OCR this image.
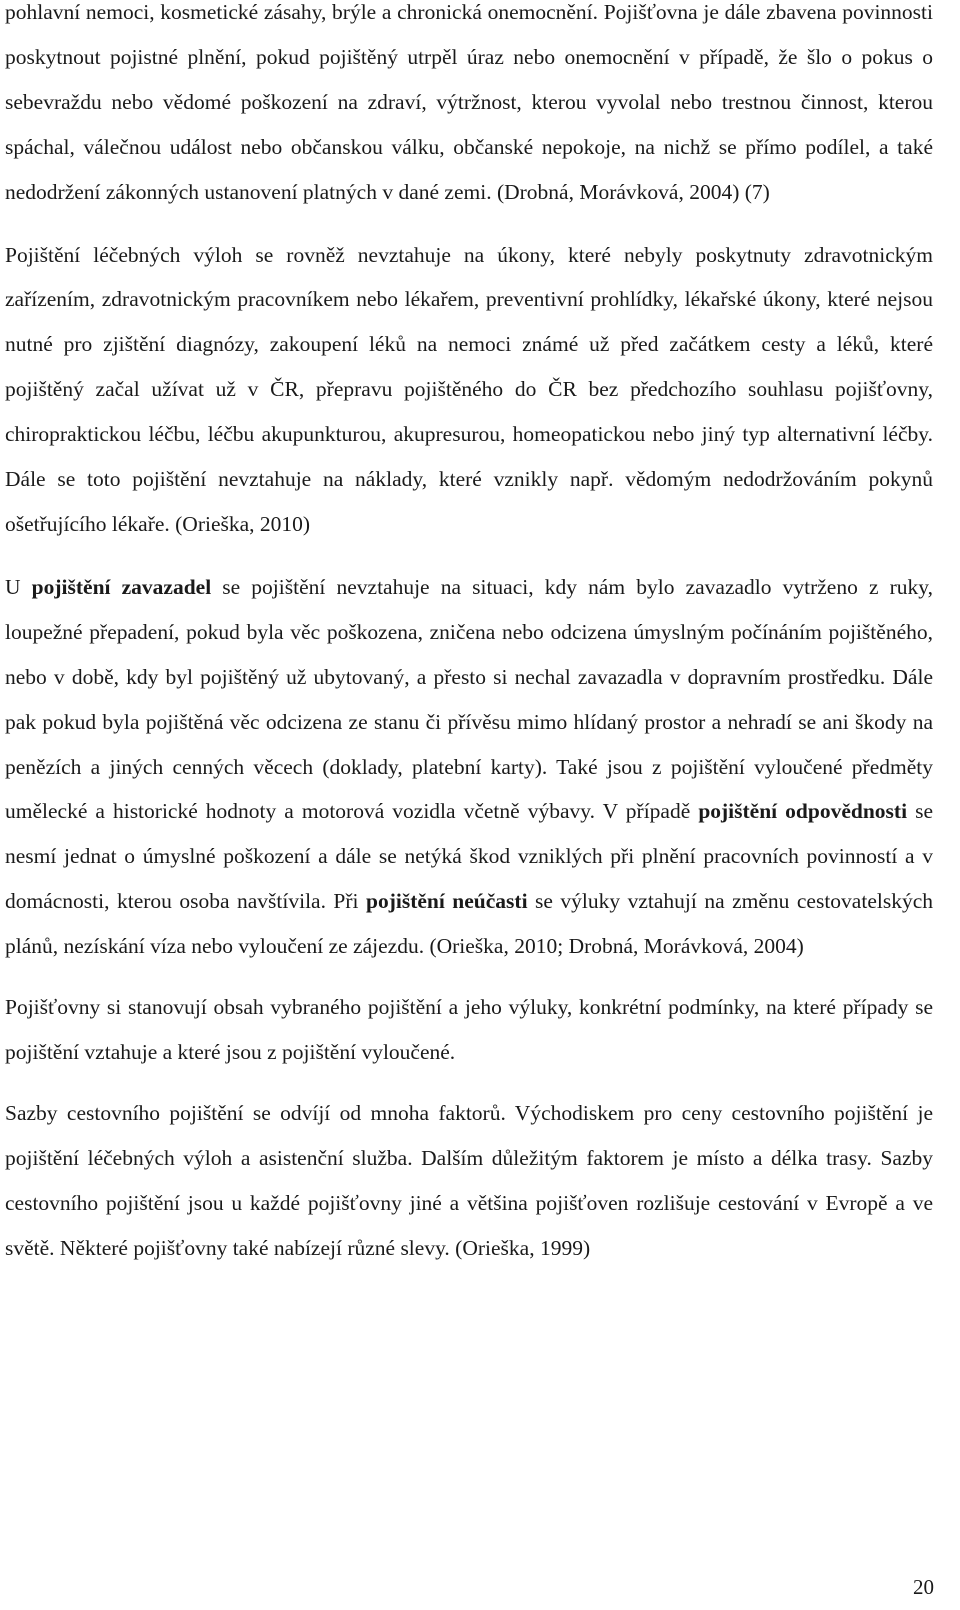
pohlavní nemoci, kosmetické zásahy, brýle a chronická onemocnění. Pojišťovna je dále zbavena povinnosti poskytnout pojistné plnění, pokud pojištěný utrpěl úraz nebo onemocnění v případě, že šlo o pokus o sebevraždu nebo vědomé poškození na zdraví, výtržnost, kterou vyvolal nebo trestnou činnost, kterou spáchal, válečnou událost nebo občanskou válku, občanské nepokoje, na nichž se přímo podílel, a také nedodržení zákonných ustanovení platných v dané zemi. (Drobná, Morávková, 2004) (7)

Pojištění léčebných výloh se rovněž nevztahuje na úkony, které nebyly poskytnuty zdravotnickým zařízením, zdravotnickým pracovníkem nebo lékařem, preventivní prohlídky, lékařské úkony, které nejsou nutné pro zjištění diagnózy, zakoupení léků na nemoci známé už před začátkem cesty a léků, které pojištěný začal užívat už v ČR, přepravu pojištěného do ČR bez předchozího souhlasu pojišťovny, chiropraktickou léčbu, léčbu akupunkturou, akupresurou, homeopatickou nebo jiný typ alternativní léčby. Dále se toto pojištění nevztahuje na náklady, které vznikly např. vědomým nedodržováním pokynů ošetřujícího lékaře. (Orieška, 2010)

U pojištění zavazadel se pojištění nevztahuje na situaci, kdy nám bylo zavazadlo vytrženo z ruky, loupežné přepadení, pokud byla věc poškozena, zničena nebo odcizena úmyslným počínáním pojištěného, nebo v době, kdy byl pojištěný už ubytovaný, a přesto si nechal zavazadla v dopravním prostředku. Dále pak pokud byla pojištěná věc odcizena ze stanu či přívěsu mimo hlídaný prostor a nehradí se ani škody na penězích a jiných cenných věcech (doklady, platební karty). Také jsou z pojištění vyloučené předměty umělecké a historické hodnoty a motorová vozidla včetně výbavy. V případě pojištění odpovědnosti se nesmí jednat o úmyslné poškození a dále se netýká škod vzniklých při plnění pracovních povinností a v domácnosti, kterou osoba navštívila. Při pojištění neúčasti se výluky vztahují na změnu cestovatelských plánů, nezískání víza nebo vyloučení ze zájezdu. (Orieška, 2010; Drobná, Morávková, 2004)

Pojišťovny si stanovují obsah vybraného pojištění a jeho výluky, konkrétní podmínky, na které případy se pojištění vztahuje a které jsou z pojištění vyloučené.

Sazby cestovního pojištění se odvíjí od mnoha faktorů. Východiskem pro ceny cestovního pojištění je pojištění léčebných výloh a asistenční služba. Dalším důležitým faktorem je místo a délka trasy. Sazby cestovního pojištění jsou u každé pojišťovny jiné a většina pojišťoven rozlišuje cestování v Evropě a ve světě. Některé pojišťovny také nabízejí různé slevy. (Orieška, 1999)

20
